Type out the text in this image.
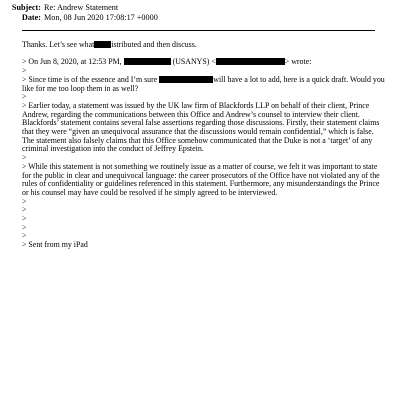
Subject: Re: Andrew Statement
Date: Mon, 08 Jun 2020 17:08:17 +0000

Thanks. Let’s see what istributed and then discuss.

> On Jun 8, 2020, at 12:53 PM,	(USANYS) <	> wrote:

>

> Since time is of the essence and I’m sure	will have a lot to add, here is a quick draft. Would you

like for me too loop them in as well?

>

> Earlier today, a statement was issued by the UK law firm of Blackfords LLP on behalf of their client, Prince

Andrew, regarding the communications between this Office and Andrew’s counsel to interview their client.

Blackfords’ statement contains several false assertions regarding those discussions. Firstly, their statement claims

that they were “given an unequivocal assurance that the discussions would remain confidential,” which is false.

The statement also falsely claims that this Office somehow communicated that the Duke is not a ‘target’ of any

criminal investigation into the conduct of Jeffrey Epstein.

>

> While this statement is not something we routinely issue as a matter of course, we felt it was important to state

for the public in clear and unequivocal language: the career prosecutors of the Office have not violated any of the

rules of confidentiality or guidelines referenced in this statement. Furthermore, any misunderstandings the Prince

or his counsel may have could be resolved if he simply agreed to be interviewed.

>

>

>

>

>

> Sent from my iPad
